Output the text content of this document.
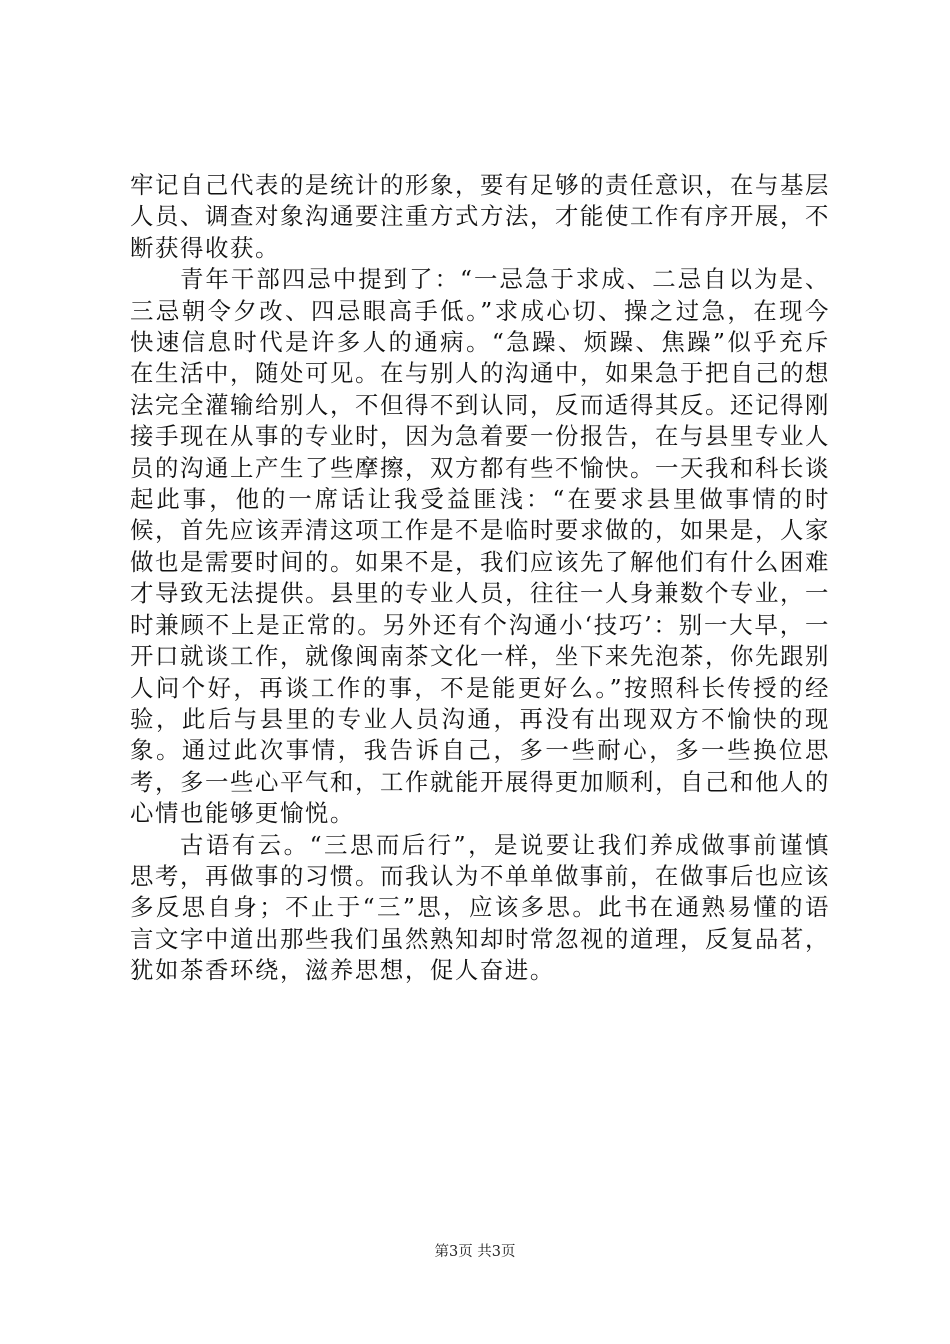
牢记自己代表的是统计的形象，要有足够的责任意识，在与基层人员、调查对象沟通要注重方式方法，才能使工作有序开展，不断获得收获。

青年干部四忌中提到了：“一忌急于求成、二忌自以为是、三忌朝令夕改、四忌眼高手低。”求成心切、操之过急，在现今快速信息时代是许多人的通病。“急躁、烦躁、焦躁”似乎充斥在生活中，随处可见。在与别人的沟通中，如果急于把自己的想法完全灌输给别人，不但得不到认同，反而适得其反。还记得刚接手现在从事的专业时，因为急着要一份报告，在与县里专业人员的沟通上产生了些摩擦，双方都有些不愉快。一天我和科长谈起此事，他的一席话让我受益匪浅：“在要求县里做事情的时候，首先应该弄清这项工作是不是临时要求做的，如果是，人家做也是需要时间的。如果不是，我们应该先了解他们有什么困难才导致无法提供。县里的专业人员，往往一人身兼数个专业，一时兼顾不上是正常的。另外还有个沟通小‘技巧’：别一大早，一开口就谈工作，就像闽南茶文化一样，坐下来先泡茶，你先跟别人问个好，再谈工作的事，不是能更好么。”按照科长传授的经验，此后与县里的专业人员沟通，再没有出现双方不愉快的现象。通过此次事情，我告诉自己，多一些耐心，多一些换位思考，多一些心平气和，工作就能开展得更加顺利，自己和他人的心情也能够更愉悦。

古语有云。“三思而后行”，是说要让我们养成做事前谨慎思考，再做事的习惯。而我认为不单单做事前，在做事后也应该多反思自身；不止于“三”思，应该多思。此书在通熟易懂的语言文字中道出那些我们虽然熟知却时常忽视的道理，反复品茗，犹如茶香环绕，滋养思想，促人奋进。

第3页 共3页
